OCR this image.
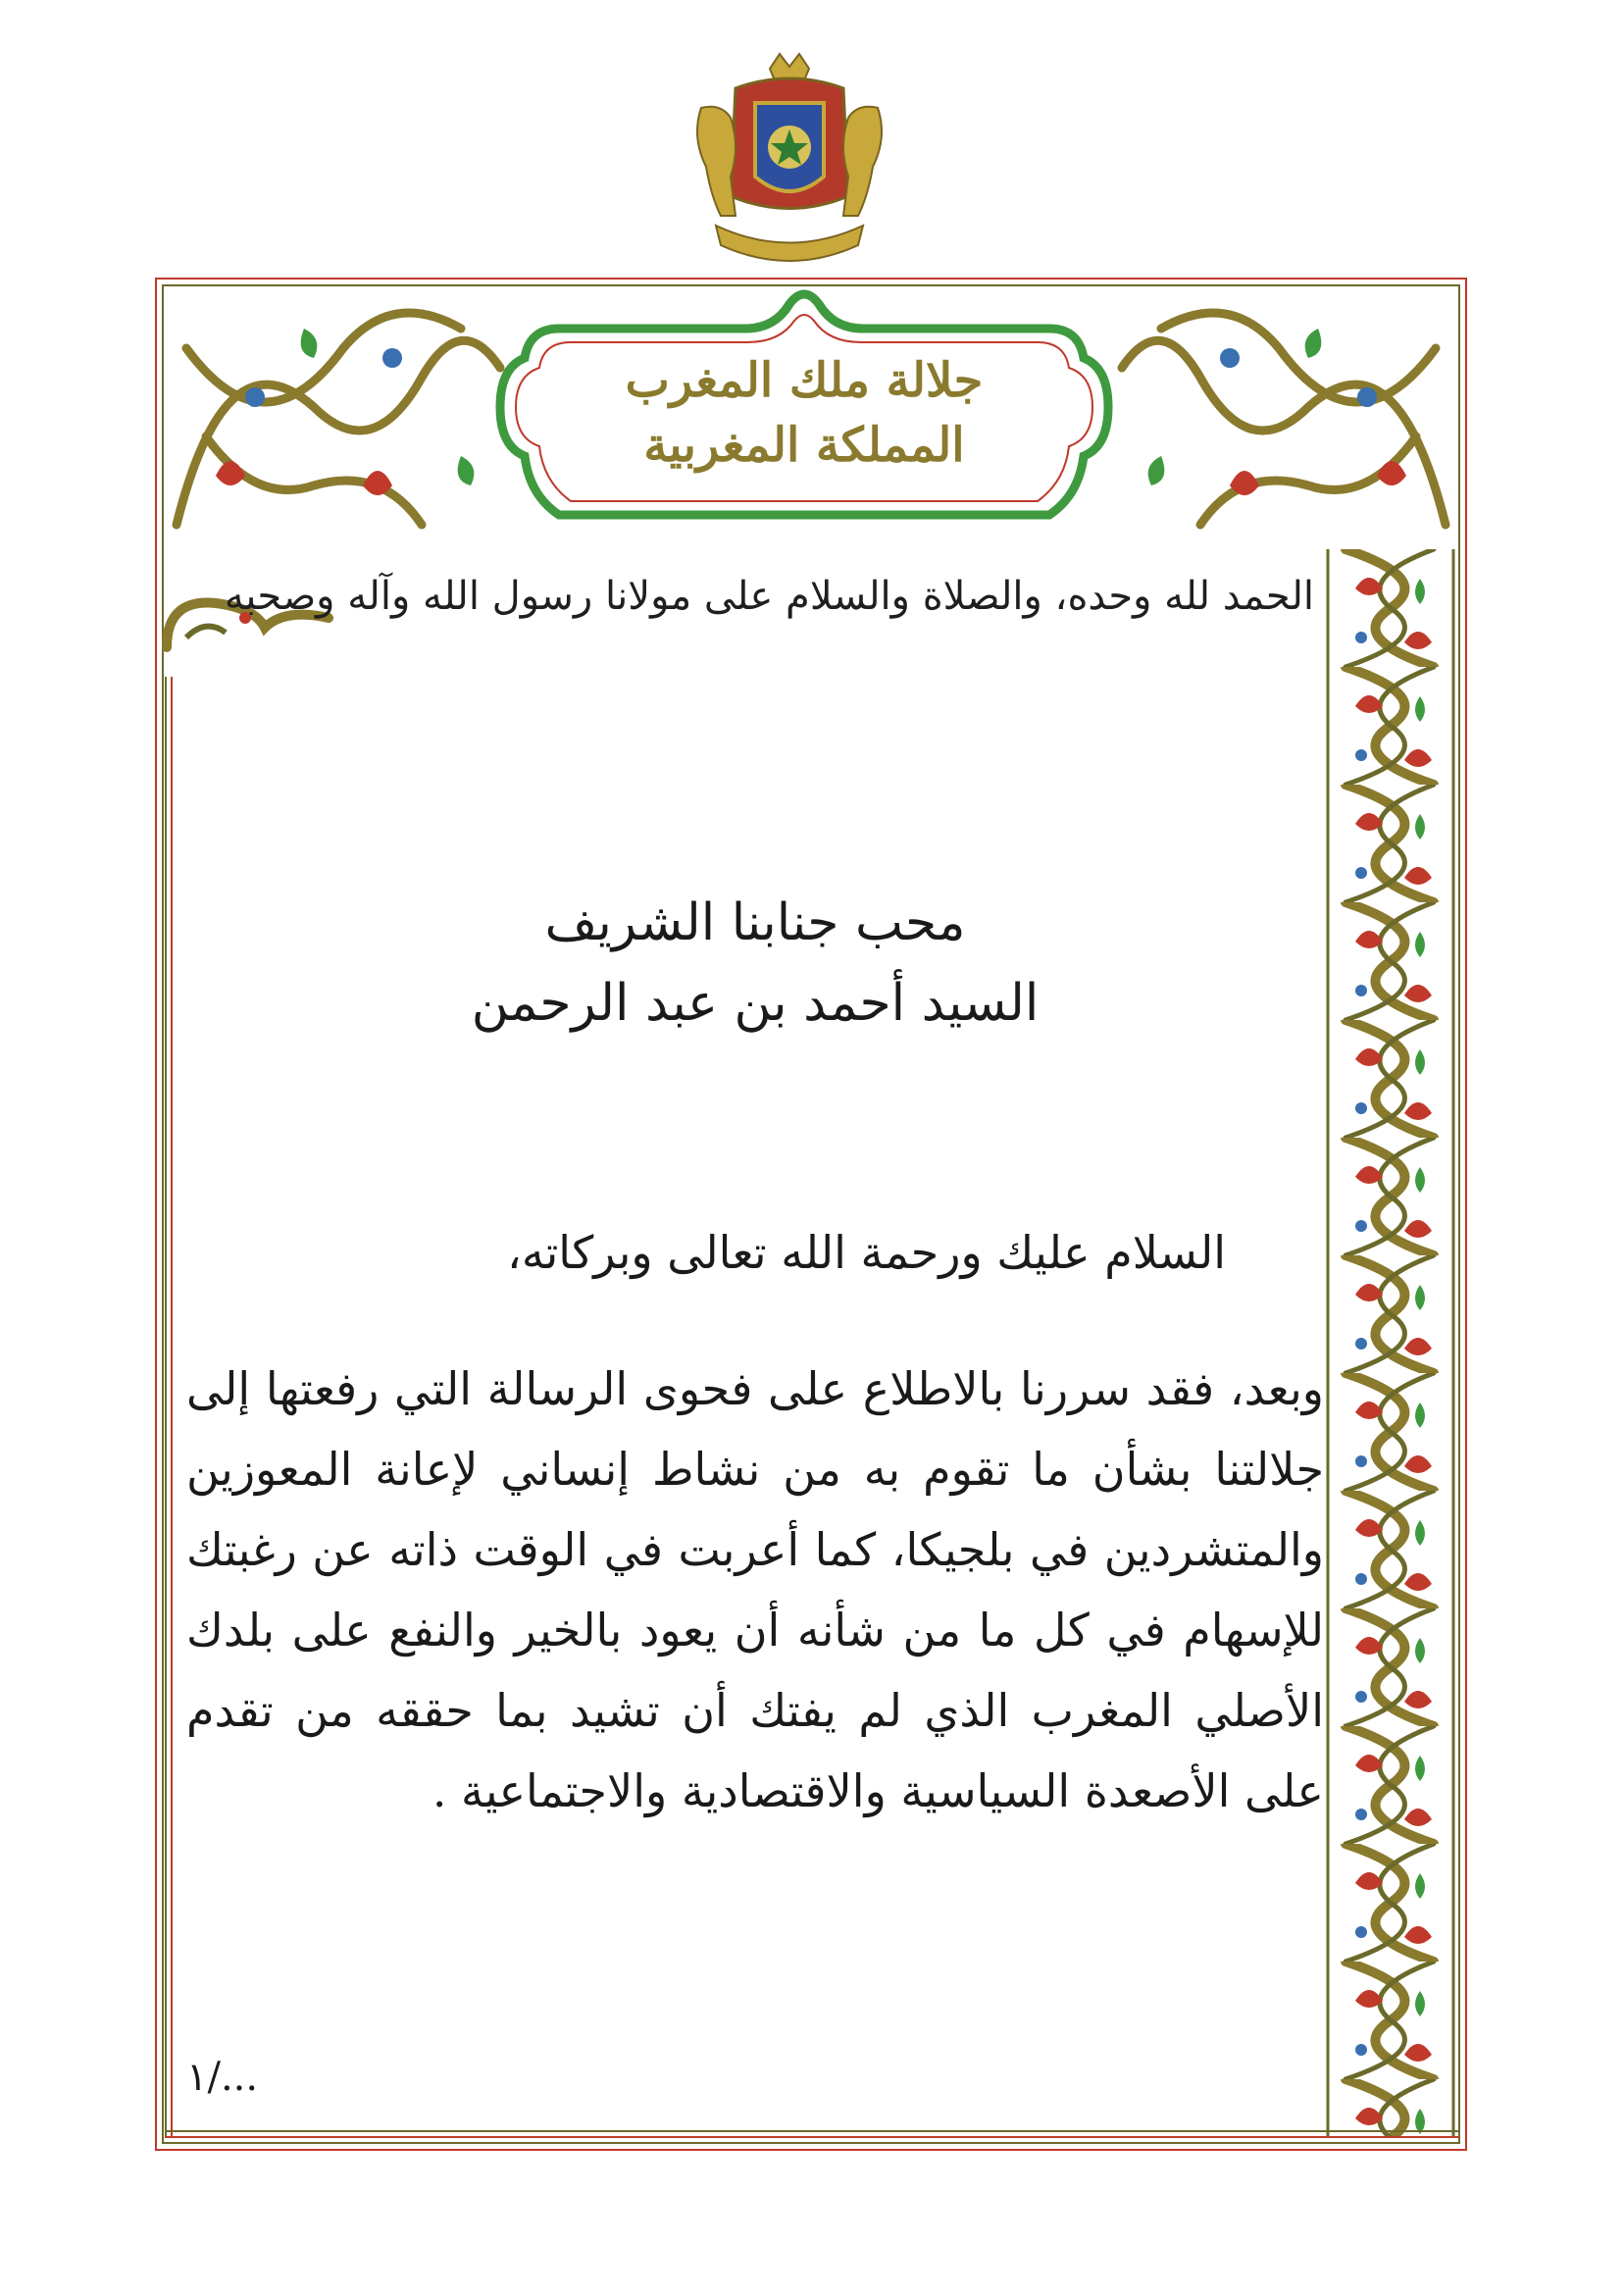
جلالة ملك المغرب
المملكة المغربية
الحمد لله وحده، والصلاة والسلام على مولانا رسول الله وآله وصحبه
محب جنابنا الشريف
السيد أحمد بن عبد الرحمن
السلام عليك ورحمة الله تعالى وبركاته،
وبعد، فقد سررنا بالاطلاع على فحوى الرسالة التي رفعتها إلى جلالتنا بشأن ما تقوم به من نشاط إنساني لإعانة المعوزين والمتشردين في بلجيكا، كما أعربت في الوقت ذاته عن رغبتك للإسهام في كل ما من شأنه أن يعود بالخير والنفع على بلدك الأصلي المغرب الذي لم يفتك أن تشيد بما حققه من تقدم على الأصعدة السياسية والاقتصادية والاجتماعية .
١/...
